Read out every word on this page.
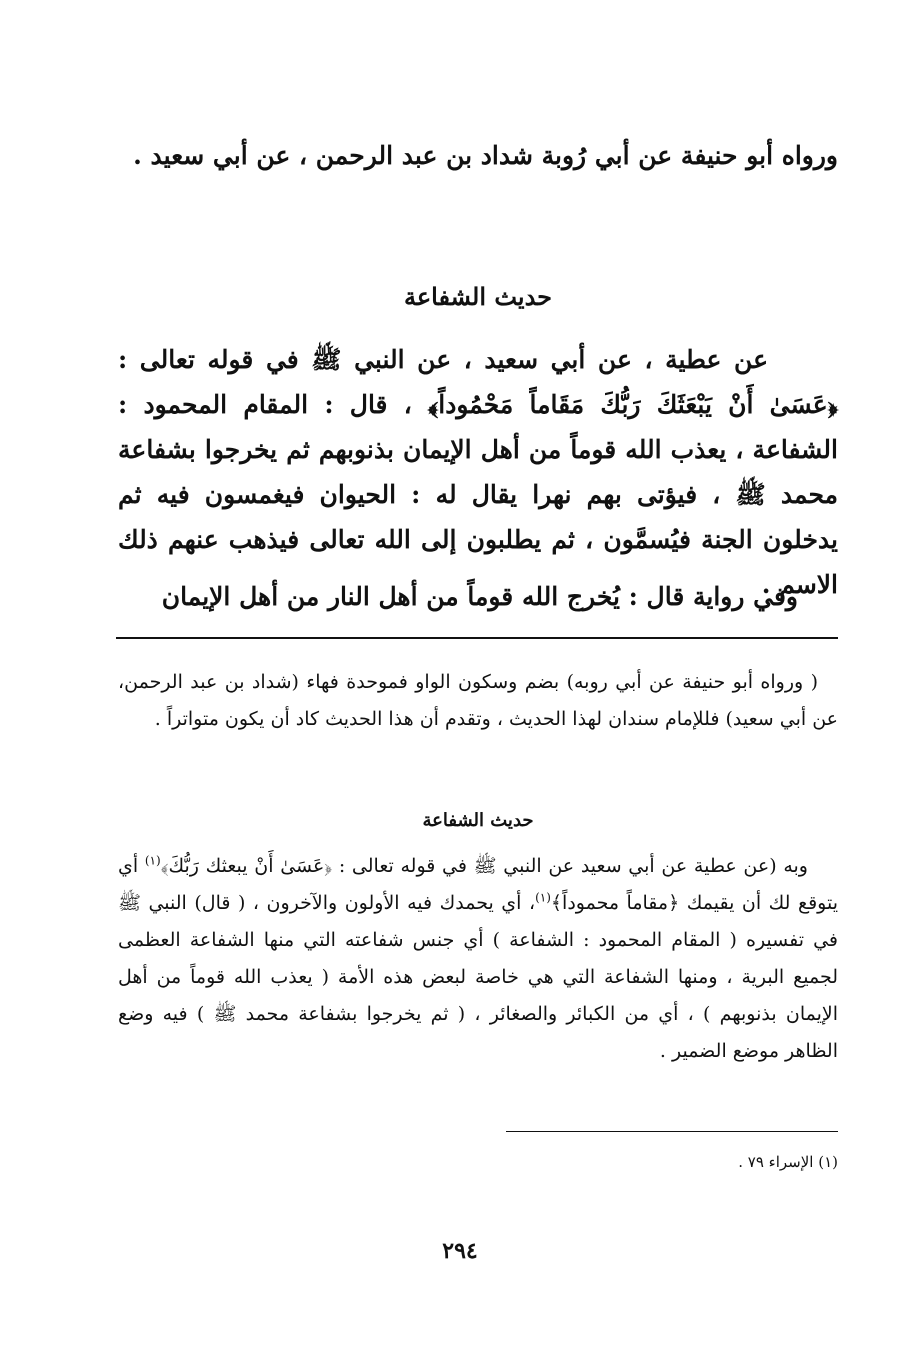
ورواه أبو حنيفة عن أبي رُوبة شداد بن عبد الرحمن ، عن أبي سعيد .

حديث الشفاعة

عن عطية ، عن أبي سعيد ، عن النبي ﷺ في قوله تعالى : ﴿عَسَىٰ أَنْ يَبْعَثَكَ رَبُّكَ مَقَاماً مَحْمُوداً﴾ ، قال : المقام المحمود : الشفاعة ، يعذب الله قوماً من أهل الإيمان بذنوبهم ثم يخرجوا بشفاعة محمد ﷺ ، فيؤتى بهم نهرا يقال له : الحيوان فيغمسون فيه ثم يدخلون الجنة فيُسمَّون ، ثم يطلبون إلى الله تعالى فيذهب عنهم ذلك الاسم .

وفي رواية قال : يُخرج الله قوماً من أهل النار من أهل الإيمان

( ورواه أبو حنيفة عن أبي روبه) بضم وسكون الواو فموحدة فهاء (شداد بن عبد الرحمن، عن أبي سعيد) فللإمام سندان لهذا الحديث ، وتقدم أن هذا الحديث كاد أن يكون متواتراً .

حديث الشفاعة

وبه (عن عطية عن أبي سعيد عن النبي ﷺ في قوله تعالى : ﴿عَسَىٰ أَنْ يبعثك رَبُّكَ﴾$^{(١)}$ أي يتوقع لك أن يقيمك ﴿مقاماً محموداً﴾$^{(١)}$، أي يحمدك فيه الأولون والآخرون ، ( قال) النبي ﷺ في تفسيره ( المقام المحمود : الشفاعة ) أي جنس شفاعته التي منها الشفاعة العظمى لجميع البرية ، ومنها الشفاعة التي هي خاصة لبعض هذه الأمة ( يعذب الله قوماً من أهل الإيمان بذنوبهم ) ، أي من الكبائر والصغائر ، ( ثم يخرجوا بشفاعة محمد ﷺ ) فيه وضع الظاهر موضع الضمير .

(١) الإسراء ٧٩ .

٢٩٤
